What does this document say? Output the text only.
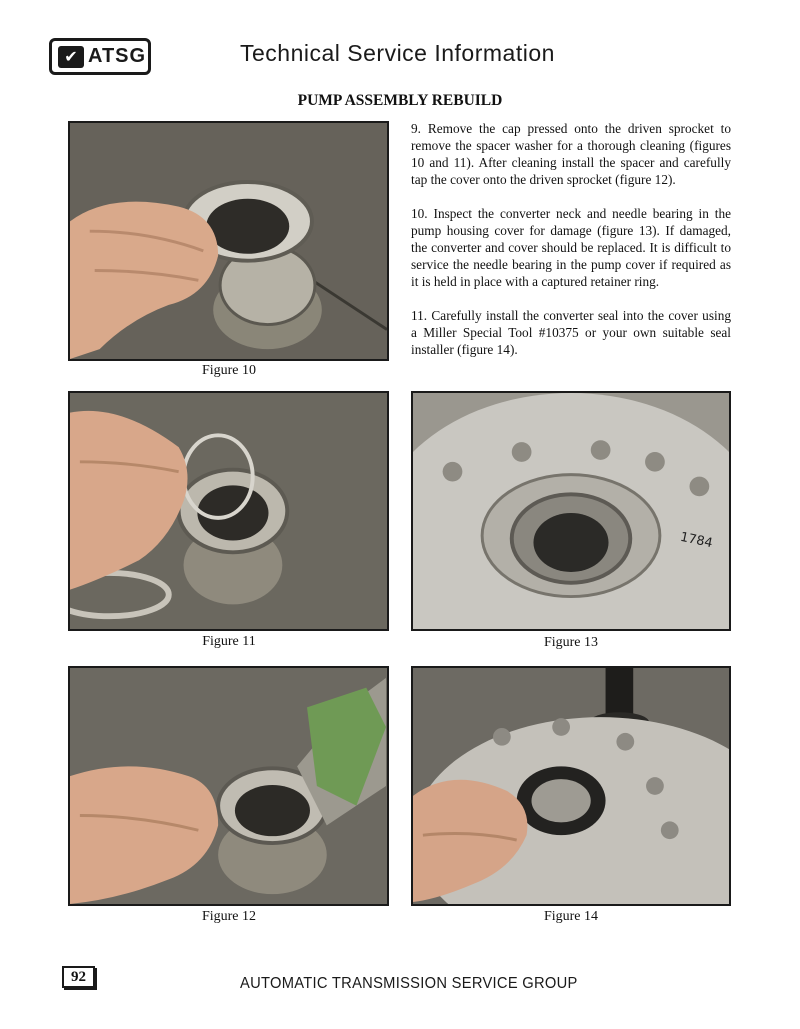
✔ ATSG	Technical Service Information
PUMP ASSEMBLY REBUILD
Figure 10

9. Remove the cap pressed onto the driven sprocket to remove the spacer washer for a thorough cleaning (figures 10 and 11). After cleaning install the spacer and carefully tap the cover onto the driven sprocket (figure 12).

10. Inspect the converter neck and needle bearing in the pump housing cover for damage (figure 13). If damaged, the converter and cover should be replaced. It is difficult to service the needle bearing in the pump cover if required as it is held in place with a captured retainer ring.

11. Carefully install the converter seal into the cover using a Miller Special Tool #10375 or your own suitable seal installer (figure 14).

Figure 11
1784
Figure 13
Figure 12	Figure 14
92	AUTOMATIC TRANSMISSION SERVICE GROUP
